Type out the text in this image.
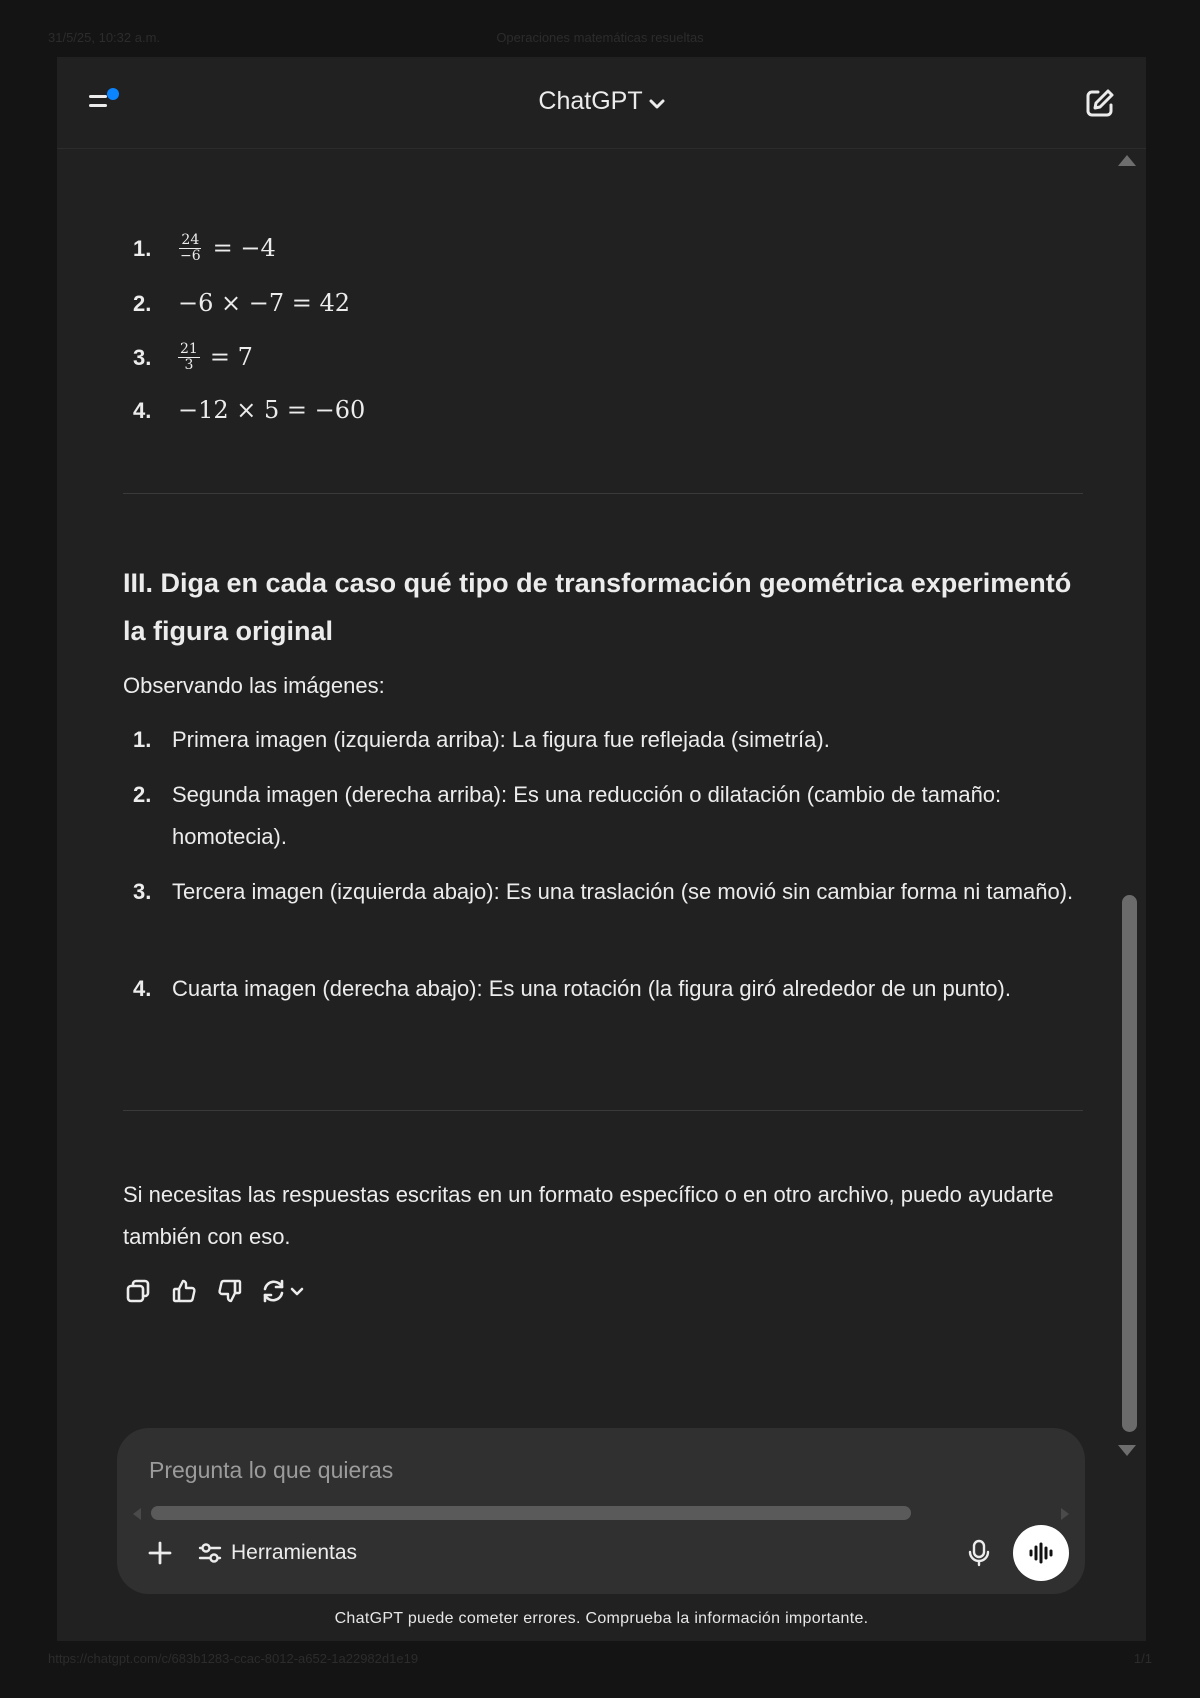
Operaciones matemáticas resueltas
31/5/25, 10:32 a.m.
ChatGPT
1. $\frac{24}{-6} = -4$
2. −6 × −7 = 42
3. $\frac{21}{3} = 7$
4. −12 × 5 = −60
III. Diga en cada caso qué tipo de transformación geométrica experimentó la figura original
Observando las imágenes:
1. Primera imagen (izquierda arriba): La figura fue reflejada (simetría).
2. Segunda imagen (derecha arriba): Es una reducción o dilatación (cambio de tamaño: homotecia).
3. Tercera imagen (izquierda abajo): Es una traslación (se movió sin cambiar forma ni tamaño).
4. Cuarta imagen (derecha abajo): Es una rotación (la figura giró alrededor de un punto).
Si necesitas las respuestas escritas en un formato específico o en otro archivo, puedo ayudarte también con eso.
Pregunta lo que quieras
Herramientas
ChatGPT puede cometer errores. Comprueba la información importante.
https://chatgpt.com/c/683b1283-ccac-8012-a652-1a22982d1e19	1/1
